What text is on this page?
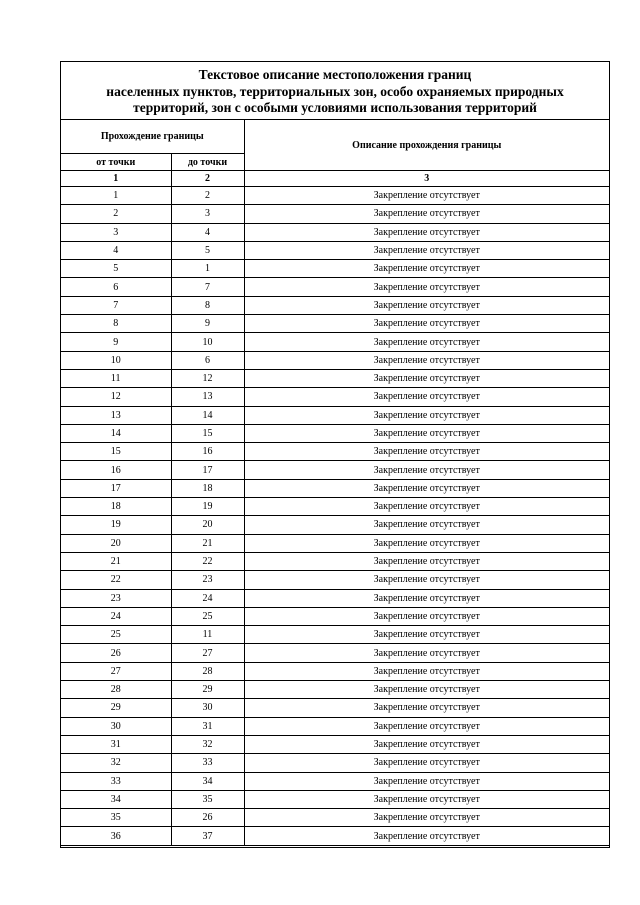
Текстовое описание местоположения границ
населенных пунктов, территориальных зон, особо охраняемых природных
территорий, зон с особыми условиями использования территорий
Прохождение границы		Описание прохождения границы
от точки	до точки	
1	2	3
1	2	Закрепление отсутствует
2	3	Закрепление отсутствует
3	4	Закрепление отсутствует
4	5	Закрепление отсутствует
5	1	Закрепление отсутствует
6	7	Закрепление отсутствует
7	8	Закрепление отсутствует
8	9	Закрепление отсутствует
9	10	Закрепление отсутствует
10	6	Закрепление отсутствует
11	12	Закрепление отсутствует
12	13	Закрепление отсутствует
13	14	Закрепление отсутствует
14	15	Закрепление отсутствует
15	16	Закрепление отсутствует
16	17	Закрепление отсутствует
17	18	Закрепление отсутствует
18	19	Закрепление отсутствует
19	20	Закрепление отсутствует
20	21	Закрепление отсутствует
21	22	Закрепление отсутствует
22	23	Закрепление отсутствует
23	24	Закрепление отсутствует
24	25	Закрепление отсутствует
25	11	Закрепление отсутствует
26	27	Закрепление отсутствует
27	28	Закрепление отсутствует
28	29	Закрепление отсутствует
29	30	Закрепление отсутствует
30	31	Закрепление отсутствует
31	32	Закрепление отсутствует
32	33	Закрепление отсутствует
33	34	Закрепление отсутствует
34	35	Закрепление отсутствует
35	26	Закрепление отсутствует
36	37	Закрепление отсутствует
